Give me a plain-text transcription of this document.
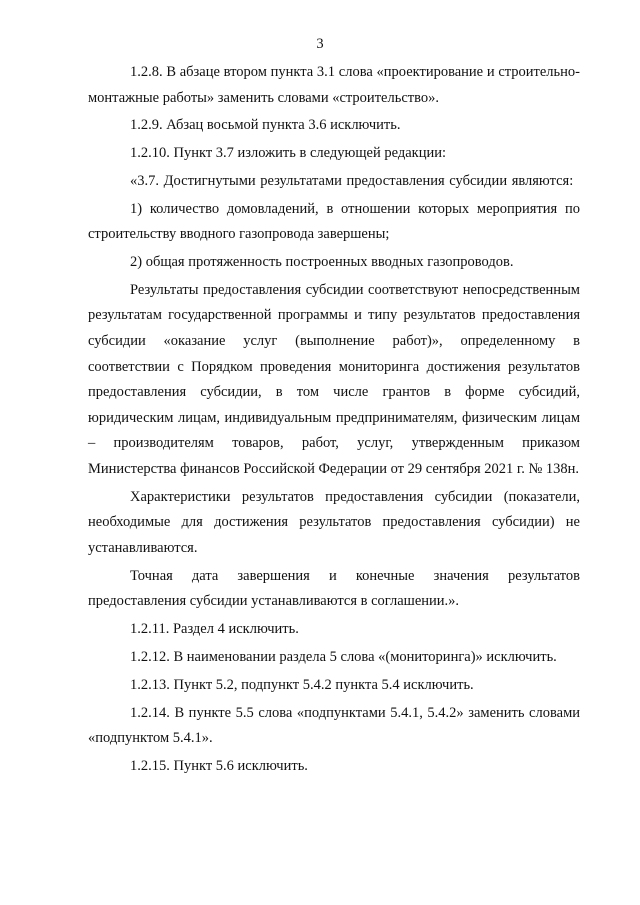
3

1.2.8. В абзаце втором пункта 3.1 слова «проектирование и строительно-монтажные работы» заменить словами «строительство».

1.2.9. Абзац восьмой пункта 3.6 исключить.

1.2.10. Пункт 3.7 изложить в следующей редакции:

«3.7. Достигнутыми результатами предоставления субсидии являются:

1) количество домовладений, в отношении которых мероприятия по строительству вводного газопровода завершены;

2) общая протяженность построенных вводных газопроводов.

Результаты предоставления субсидии соответствуют непосредственным результатам государственной программы и типу результатов предоставления субсидии «оказание услуг (выполнение работ)», определенному в соответствии с Порядком проведения мониторинга достижения результатов предоставления субсидии, в том числе грантов в форме субсидий, юридическим лицам, индивидуальным предпринимателям, физическим лицам – производителям товаров, работ, услуг, утвержденным приказом Министерства финансов Российской Федерации от 29 сентября 2021 г. № 138н.

Характеристики результатов предоставления субсидии (показатели, необходимые для достижения результатов предоставления субсидии) не устанавливаются.

Точная дата завершения и конечные значения результатов предоставления субсидии устанавливаются в соглашении.».

1.2.11. Раздел 4 исключить.

1.2.12. В наименовании раздела 5 слова «(мониторинга)» исключить.

1.2.13. Пункт 5.2, подпункт 5.4.2 пункта 5.4 исключить.

1.2.14. В пункте 5.5 слова «подпунктами 5.4.1, 5.4.2» заменить словами «подпунктом 5.4.1».

1.2.15. Пункт 5.6 исключить.
